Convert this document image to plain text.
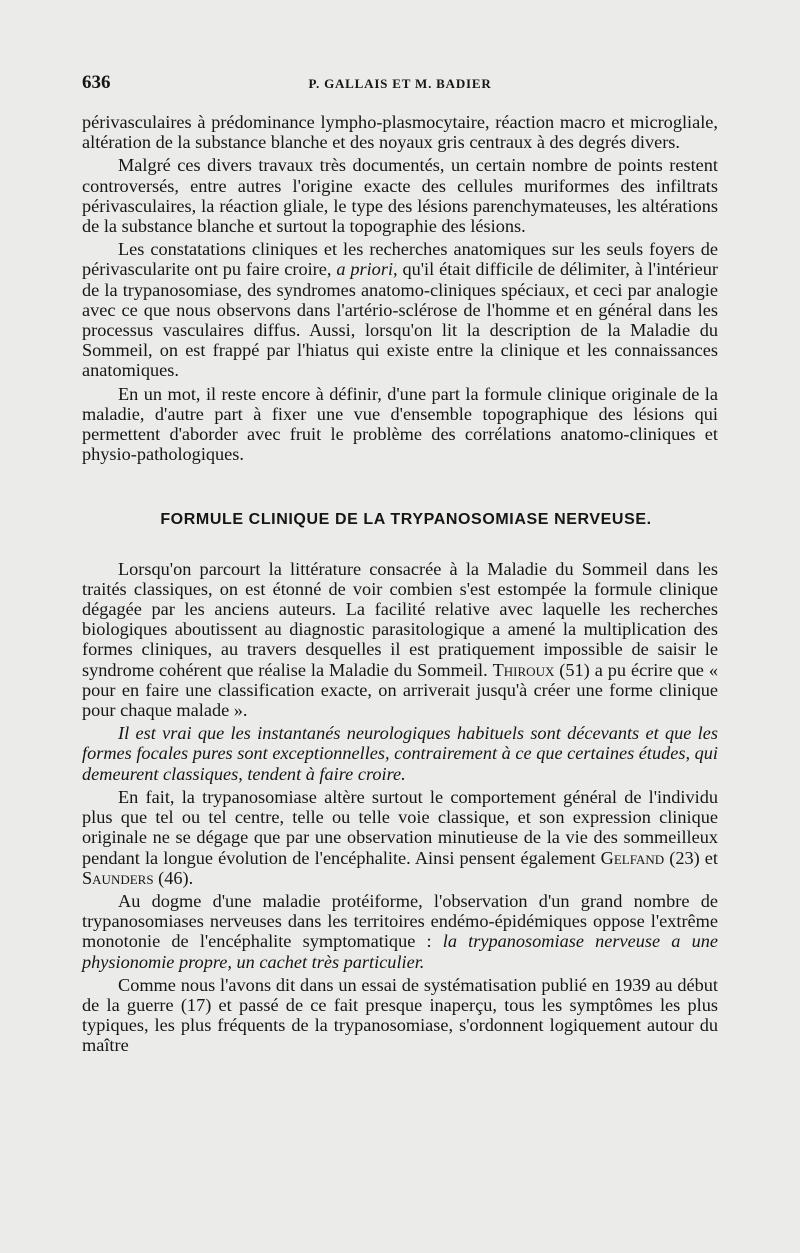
636	P. GALLAIS ET M. BADIER

périvasculaires à prédominance lympho-plasmocytaire, réaction macro et microgliale, altération de la substance blanche et des noyaux gris centraux à des degrés divers.

Malgré ces divers travaux très documentés, un certain nombre de points restent controversés, entre autres l'origine exacte des cellules muriformes des infiltrats périvasculaires, la réaction gliale, le type des lésions parenchymateuses, les altérations de la substance blanche et surtout la topographie des lésions.

Les constatations cliniques et les recherches anatomiques sur les seuls foyers de périvascularite ont pu faire croire, a priori, qu'il était difficile de délimiter, à l'intérieur de la trypanosomiase, des syndromes anatomo-cliniques spéciaux, et ceci par analogie avec ce que nous observons dans l'artério-sclérose de l'homme et en général dans les processus vasculaires diffus. Aussi, lorsqu'on lit la description de la Maladie du Sommeil, on est frappé par l'hiatus qui existe entre la clinique et les connaissances anatomiques.

En un mot, il reste encore à définir, d'une part la formule clinique originale de la maladie, d'autre part à fixer une vue d'ensemble topographique des lésions qui permettent d'aborder avec fruit le problème des corrélations anatomo-cliniques et physio-pathologiques.

FORMULE CLINIQUE DE LA TRYPANOSOMIASE NERVEUSE.

Lorsqu'on parcourt la littérature consacrée à la Maladie du Sommeil dans les traités classiques, on est étonné de voir combien s'est estompée la formule clinique dégagée par les anciens auteurs. La facilité relative avec laquelle les recherches biologiques aboutissent au diagnostic parasitologique a amené la multiplication des formes cliniques, au travers desquelles il est pratiquement impossible de saisir le syndrome cohérent que réalise la Maladie du Sommeil. Thiroux (51) a pu écrire que « pour en faire une classification exacte, on arriverait jusqu'à créer une forme clinique pour chaque malade ».

Il est vrai que les instantanés neurologiques habituels sont décevants et que les formes focales pures sont exceptionnelles, contrairement à ce que certaines études, qui demeurent classiques, tendent à faire croire.

En fait, la trypanosomiase altère surtout le comportement général de l'individu plus que tel ou tel centre, telle ou telle voie classique, et son expression clinique originale ne se dégage que par une observation minutieuse de la vie des sommeilleux pendant la longue évolution de l'encéphalite. Ainsi pensent également Gelfand (23) et Saunders (46).

Au dogme d'une maladie protéiforme, l'observation d'un grand nombre de trypanosomiases nerveuses dans les territoires endémo-épidémiques oppose l'extrême monotonie de l'encéphalite symptomatique : la trypanosomiase nerveuse a une physionomie propre, un cachet très particulier.

Comme nous l'avons dit dans un essai de systématisation publié en 1939 au début de la guerre (17) et passé de ce fait presque inaperçu, tous les symptômes les plus typiques, les plus fréquents de la trypanosomiase, s'ordonnent logiquement autour du maître
